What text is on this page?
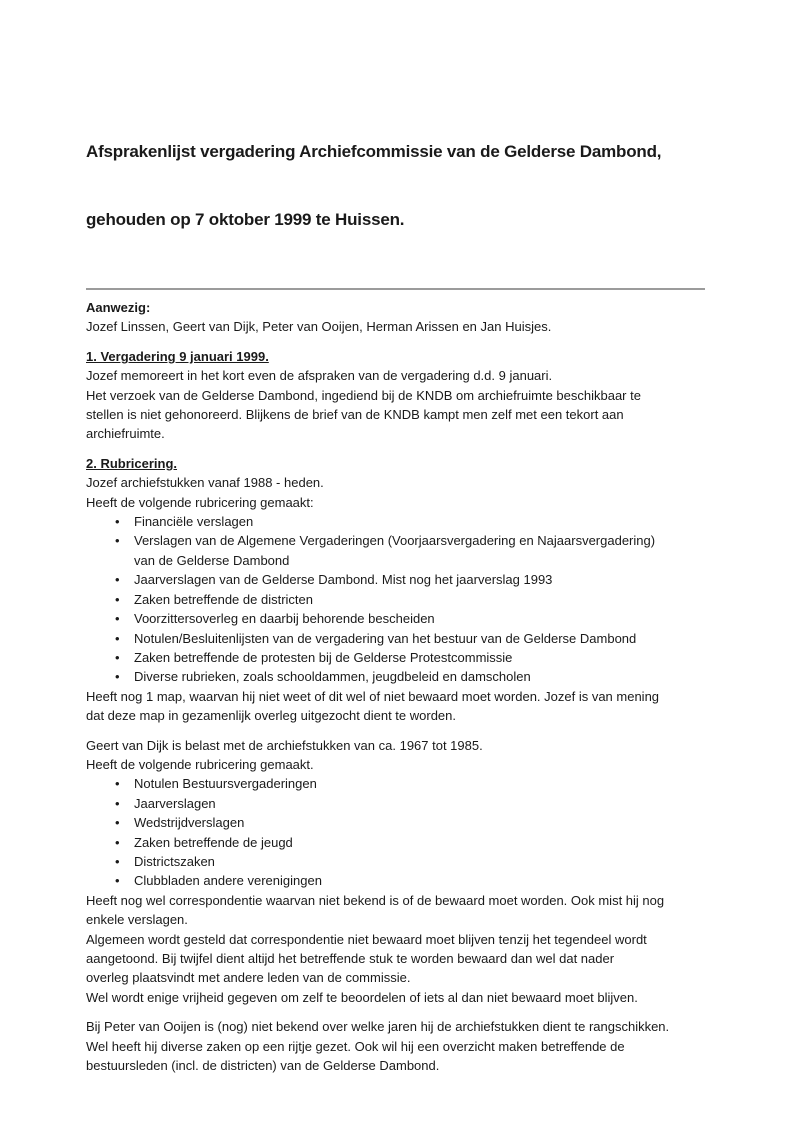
Afsprakenlijst vergadering Archiefcommissie van de Gelderse Dambond,

gehouden op 7 oktober 1999 te Huissen.

Aanwezig:
Jozef Linssen, Geert van Dijk, Peter van Ooijen, Herman Arissen en Jan Huisjes.
1. Vergadering 9 januari 1999.
Jozef memoreert in het kort even de afspraken van de vergadering d.d. 9 januari.
Het verzoek van de Gelderse Dambond, ingediend bij de KNDB om archiefruimte beschikbaar te
stellen is niet gehonoreerd. Blijkens de brief van de KNDB kampt men zelf met een tekort aan
archiefruimte.
2. Rubricering.
Jozef archiefstukken vanaf 1988 - heden.
Heeft de volgende rubricering gemaakt:
•	Financiële verslagen
•	Verslagen van de Algemene Vergaderingen (Voorjaarsvergadering en Najaarsvergadering)
van de Gelderse Dambond
•	Jaarverslagen van de Gelderse Dambond. Mist nog het jaarverslag 1993
•	Zaken betreffende de districten
•	Voorzittersoverleg en daarbij behorende bescheiden
•	Notulen/Besluitenlijsten van de vergadering van het bestuur van de Gelderse Dambond
•	Zaken betreffende de protesten bij de Gelderse Protestcommissie
•	Diverse rubrieken, zoals schooldammen, jeugdbeleid en damscholen
Heeft nog 1 map, waarvan hij niet weet of dit wel of niet bewaard moet worden. Jozef is van mening
dat deze map in gezamenlijk overleg uitgezocht dient te worden.
Geert van Dijk is belast met de archiefstukken van ca. 1967 tot 1985.
Heeft de volgende rubricering gemaakt.
•	Notulen Bestuursvergaderingen
•	Jaarverslagen
•	Wedstrijdverslagen
•	Zaken betreffende de jeugd
•	Districtszaken
•	Clubbladen andere verenigingen
Heeft nog wel correspondentie waarvan niet bekend is of de bewaard moet worden. Ook mist hij nog
enkele verslagen.
Algemeen wordt gesteld dat correspondentie niet bewaard moet blijven tenzij het tegendeel wordt
aangetoond. Bij twijfel dient altijd het betreffende stuk te worden bewaard dan wel dat nader
overleg plaatsvindt met andere leden van de commissie.
Wel wordt enige vrijheid gegeven om zelf te beoordelen of iets al dan niet bewaard moet blijven.
Bij Peter van Ooijen is (nog) niet bekend over welke jaren hij de archiefstukken dient te rangschikken.
Wel heeft hij diverse zaken op een rijtje gezet. Ook wil hij een overzicht maken betreffende de
bestuursleden (incl. de districten) van de Gelderse Dambond.
